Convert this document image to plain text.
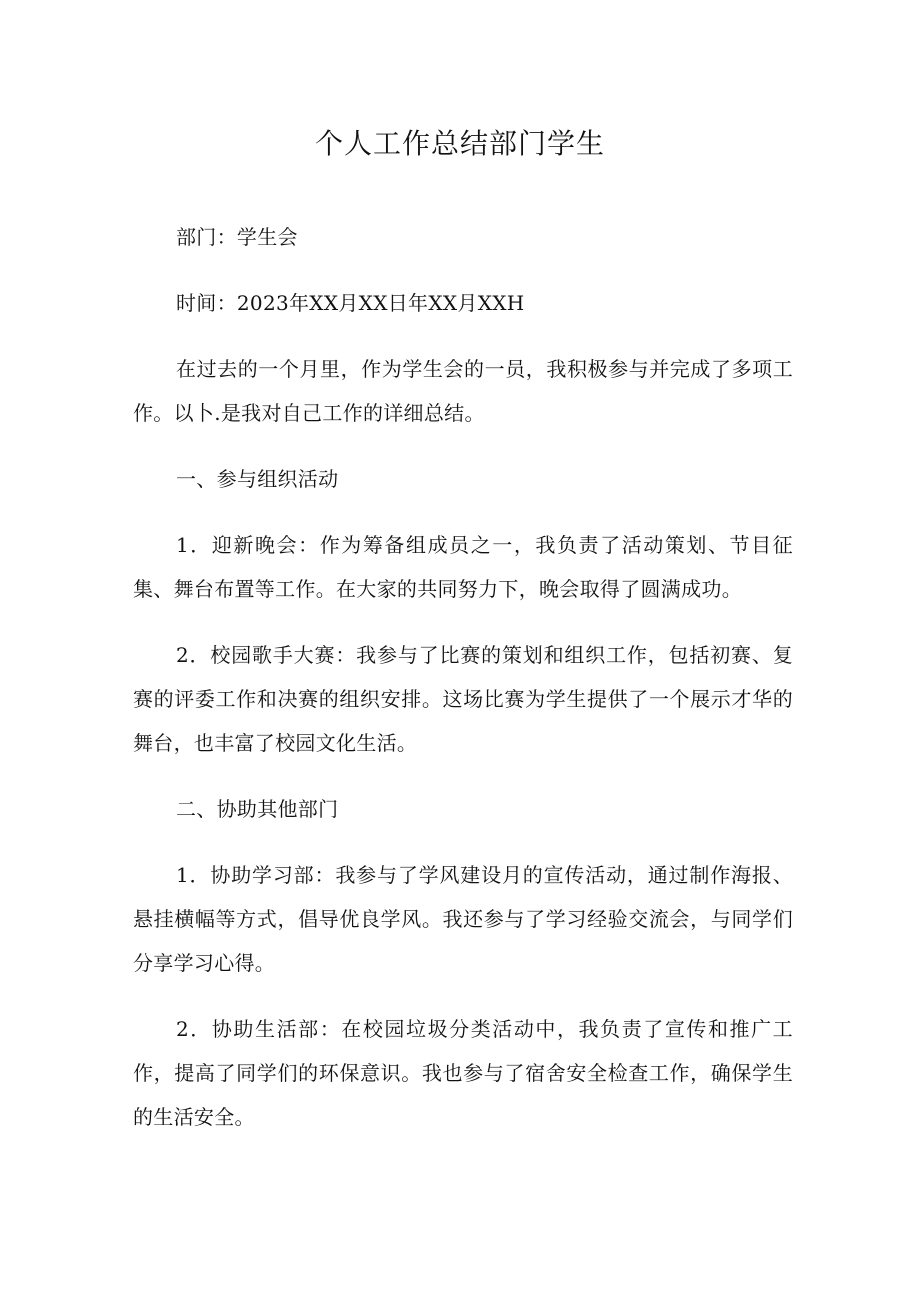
个人工作总结部门学生

部门：学生会

时间：2023年XX月XX日年XX月XXH

在过去的一个月里，作为学生会的一员，我积极参与并完成了多项工作。以卜.是我对自己工作的详细总结。

一、参与组织活动

1．迎新晚会：作为筹备组成员之一，我负责了活动策划、节目征集、舞台布置等工作。在大家的共同努力下，晚会取得了圆满成功。

2．校园歌手大赛：我参与了比赛的策划和组织工作，包括初赛、复赛的评委工作和决赛的组织安排。这场比赛为学生提供了一个展示才华的舞台，也丰富了校园文化生活。

二、协助其他部门

1．协助学习部：我参与了学风建设月的宣传活动，通过制作海报、悬挂横幅等方式，倡导优良学风。我还参与了学习经验交流会，与同学们分享学习心得。

2．协助生活部：在校园垃圾分类活动中，我负责了宣传和推广工作，提高了同学们的环保意识。我也参与了宿舍安全检查工作，确保学生的生活安全。
